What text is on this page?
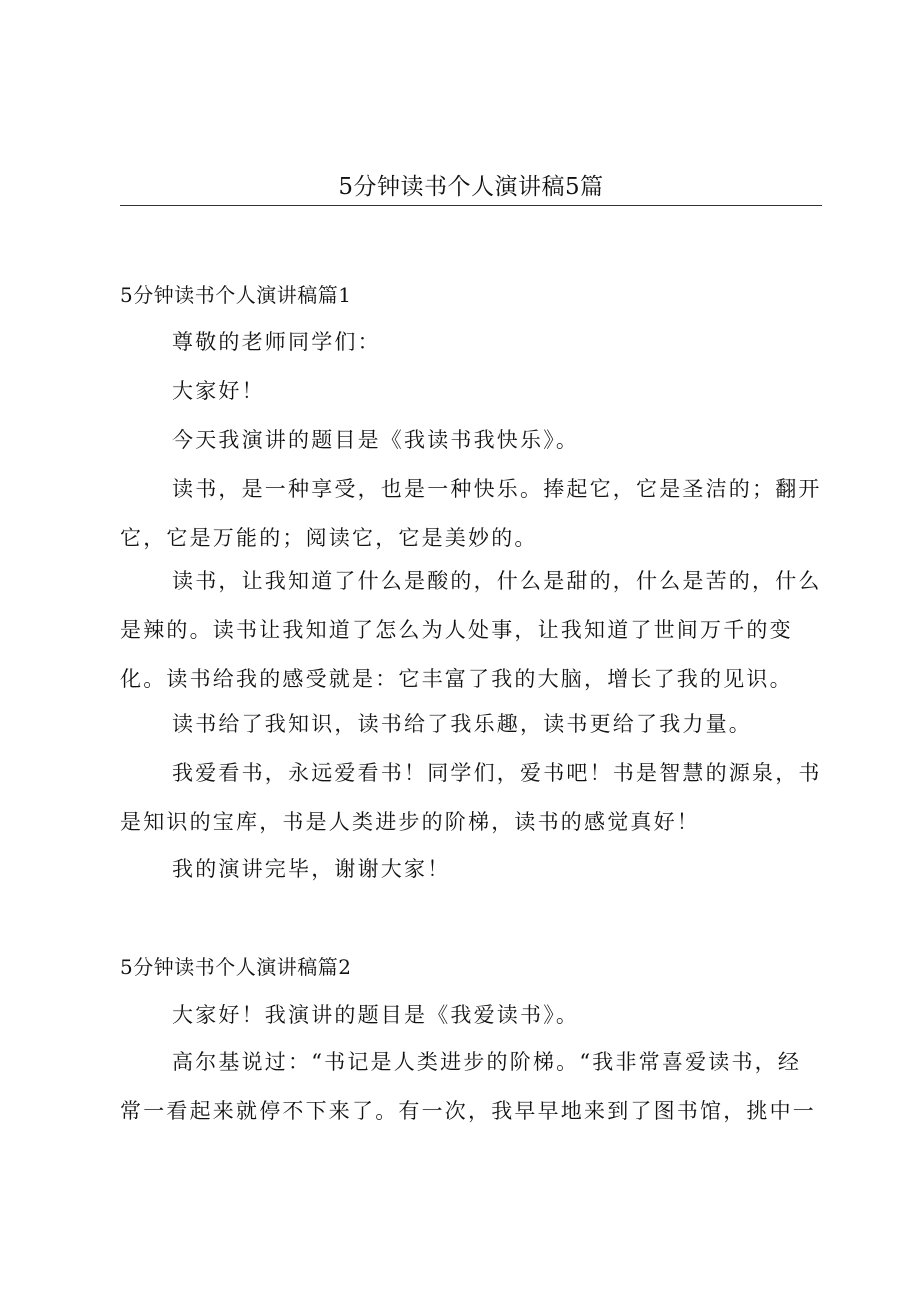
5分钟读书个人演讲稿5篇
5分钟读书个人演讲稿篇1
尊敬的老师同学们：
大家好！
今天我演讲的题目是《我读书我快乐》。
读书，是一种享受，也是一种快乐。捧起它，它是圣洁的；翻开它，它是万能的；阅读它，它是美妙的。
读书，让我知道了什么是酸的，什么是甜的，什么是苦的，什么是辣的。读书让我知道了怎么为人处事，让我知道了世间万千的变化。读书给我的感受就是：它丰富了我的大脑，增长了我的见识。
读书给了我知识，读书给了我乐趣，读书更给了我力量。
我爱看书，永远爱看书！同学们，爱书吧！书是智慧的源泉，书是知识的宝库，书是人类进步的阶梯，读书的感觉真好！
我的演讲完毕，谢谢大家！
5分钟读书个人演讲稿篇2
大家好！我演讲的题目是《我爱读书》。
高尔基说过：“书记是人类进步的阶梯。“我非常喜爱读书，经常一看起来就停不下来了。有一次，我早早地来到了图书馆，挑中一
